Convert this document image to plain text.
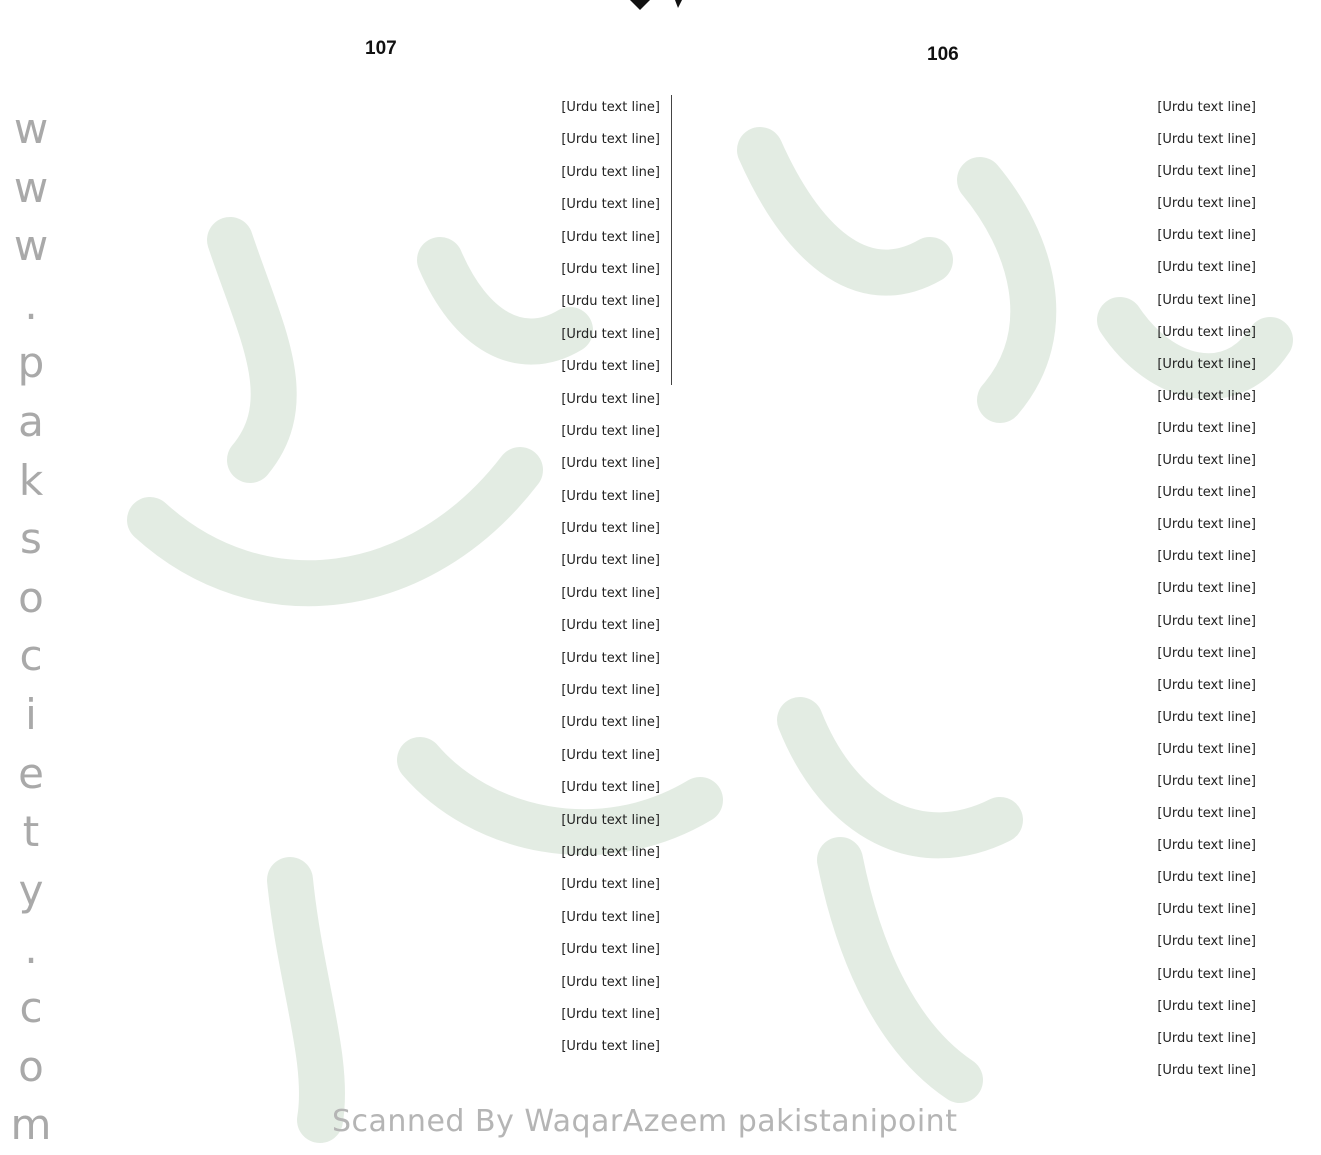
w
w
w
.
p
a
k
s
o
c
i
e
t
y
.
c
o
m
107	106
[Urdu text line]
[Urdu text line]
[Urdu text line]
[Urdu text line]
[Urdu text line]
[Urdu text line]
[Urdu text line]
[Urdu text line]
[Urdu text line]
[Urdu text line]
[Urdu text line]
[Urdu text line]
[Urdu text line]
[Urdu text line]
[Urdu text line]
[Urdu text line]
[Urdu text line]
[Urdu text line]
[Urdu text line]
[Urdu text line]
[Urdu text line]
[Urdu text line]
[Urdu text line]
[Urdu text line]
[Urdu text line]
[Urdu text line]
[Urdu text line]
[Urdu text line]
[Urdu text line]
[Urdu text line]
[Urdu text line]
[Urdu text line]
[Urdu text line]
[Urdu text line]
[Urdu text line]
[Urdu text line]
[Urdu text line]
[Urdu text line]
[Urdu text line]
[Urdu text line]
[Urdu text line]
[Urdu text line]
[Urdu text line]
[Urdu text line]
[Urdu text line]
[Urdu text line]
[Urdu text line]
[Urdu text line]
[Urdu text line]
[Urdu text line]
[Urdu text line]
[Urdu text line]
[Urdu text line]
[Urdu text line]
[Urdu text line]
[Urdu text line]
[Urdu text line]
[Urdu text line]
[Urdu text line]
[Urdu text line]
[Urdu text line]
Scanned By WaqarAzeem pakistanipoint
